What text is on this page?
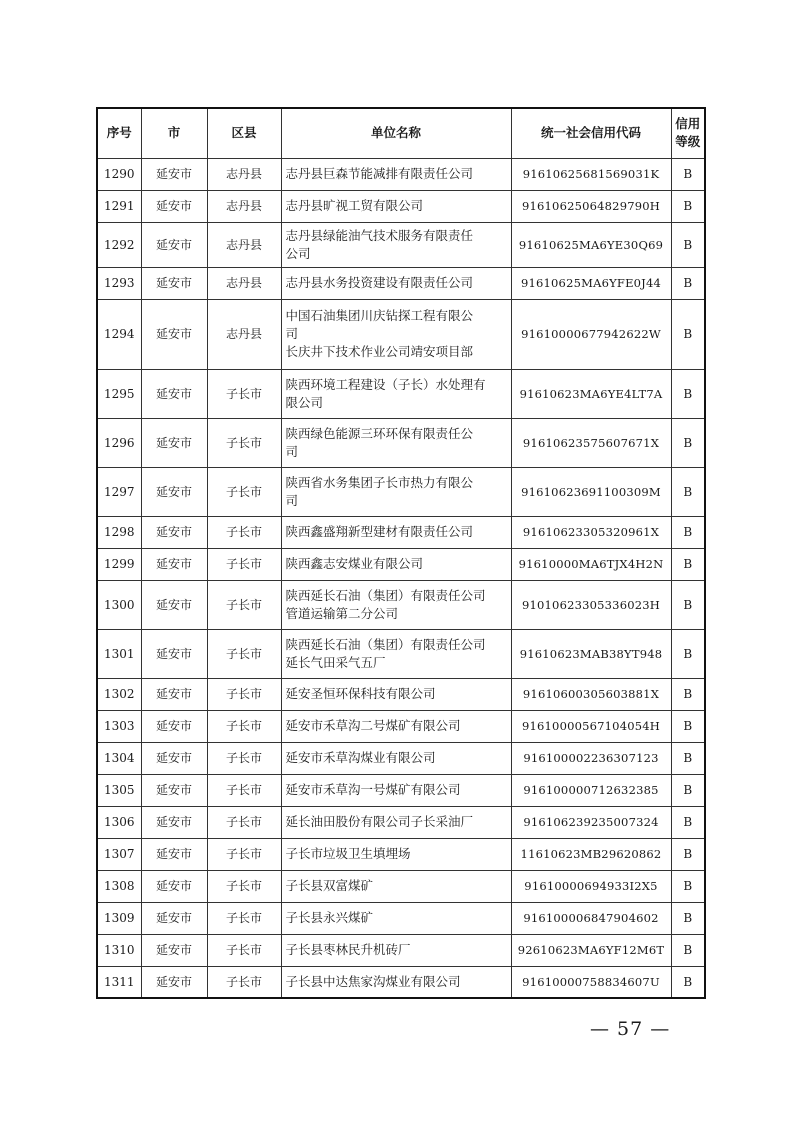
序号	市	区县	单位名称	统一社会信用代码	信用
等级

1290	延安市	志丹县	志丹县巨森节能减排有限责任公司	91610625681569031K	B
1291	延安市	志丹县	志丹县旷视工贸有限公司	91610625064829790H	B
1292	延安市	志丹县	志丹县绿能油气技术服务有限责任
公司	91610625MA6YE30Q69	B
1293	延安市	志丹县	志丹县水务投资建设有限责任公司	91610625MA6YFE0J44	B
1294	延安市	志丹县	中国石油集团川庆钻探工程有限公
司
长庆井下技术作业公司靖安项目部	91610000677942622W	B
1295	延安市	子长市	陕西环境工程建设（子长）水处理有
限公司	91610623MA6YE4LT7A	B
1296	延安市	子长市	陕西绿色能源三环环保有限责任公
司	91610623575607671X	B
1297	延安市	子长市	陕西省水务集团子长市热力有限公
司	91610623691100309M	B
1298	延安市	子长市	陕西鑫盛翔新型建材有限责任公司	91610623305320961X	B
1299	延安市	子长市	陕西鑫志安煤业有限公司	91610000MA6TJX4H2N	B
1300	延安市	子长市	陕西延长石油（集团）有限责任公司
管道运输第二分公司	91010623305336023H	B
1301	延安市	子长市	陕西延长石油（集团）有限责任公司
延长气田采气五厂	91610623MAB38YT948	B
1302	延安市	子长市	延安圣恒环保科技有限公司	91610600305603881X	B
1303	延安市	子长市	延安市禾草沟二号煤矿有限公司	91610000567104054H	B
1304	延安市	子长市	延安市禾草沟煤业有限公司	916100002236307123	B
1305	延安市	子长市	延安市禾草沟一号煤矿有限公司	916100000712632385	B
1306	延安市	子长市	延长油田股份有限公司子长采油厂	916106239235007324	B
1307	延安市	子长市	子长市垃圾卫生填埋场	11610623MB29620862	B
1308	延安市	子长市	子长县双富煤矿	91610000694933I2X5	B
1309	延安市	子长市	子长县永兴煤矿	916100006847904602	B
1310	延安市	子长市	子长县枣林民升机砖厂	92610623MA6YF12M6T	B
1311	延安市	子长市	子长县中达焦家沟煤业有限公司	91610000758834607U	B
— 57 —
